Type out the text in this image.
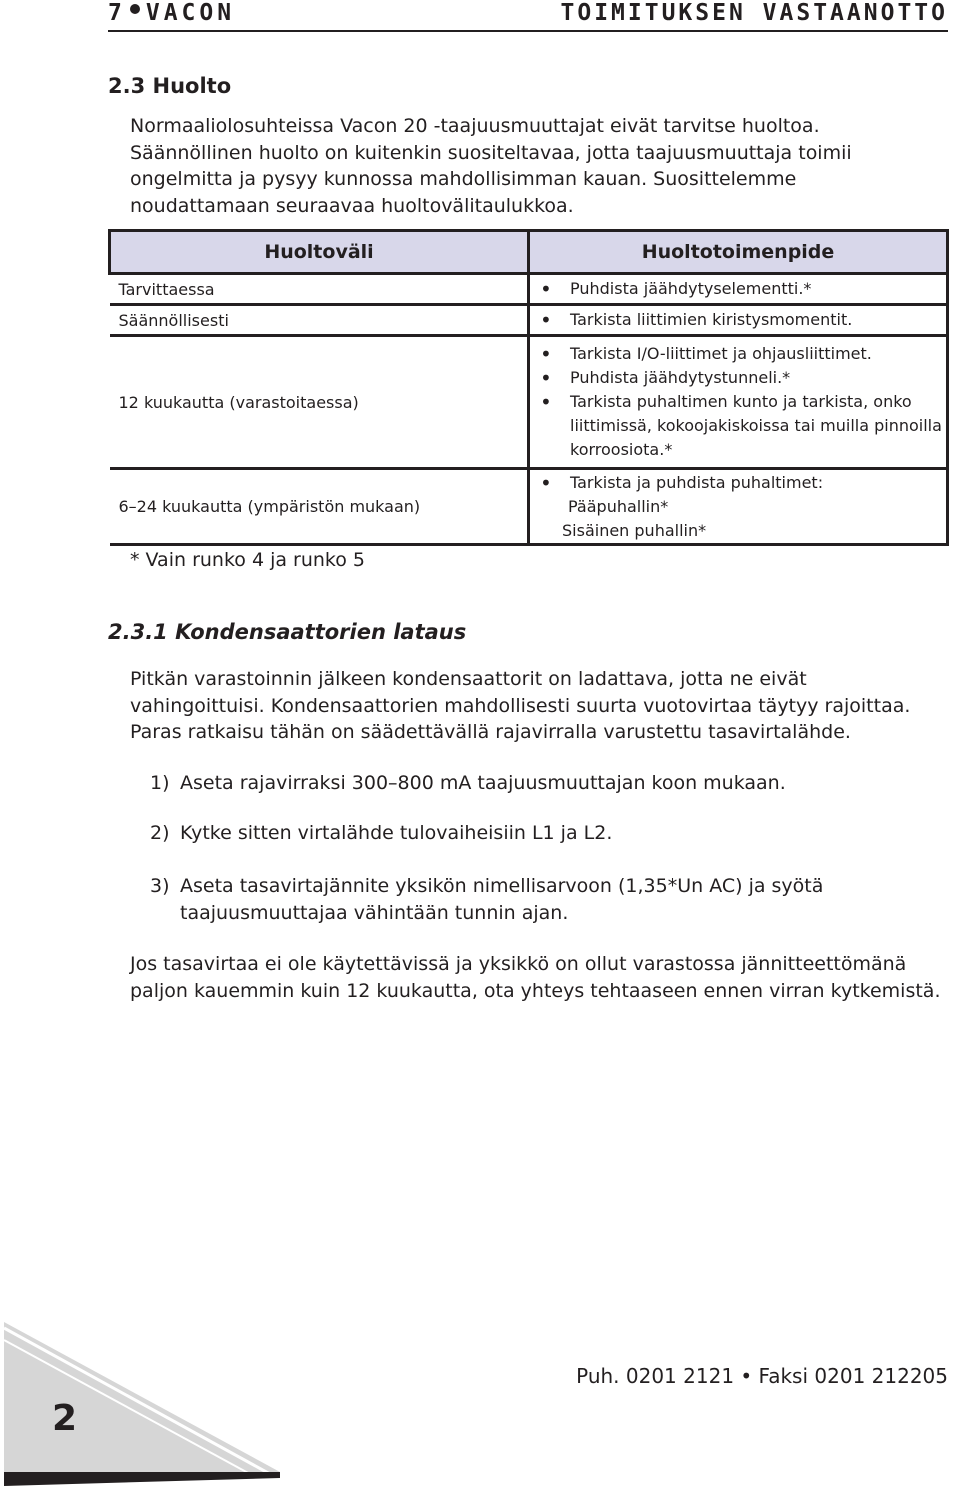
7 VACON	TOIMITUKSEN VASTAANOTTO
2.3 Huolto

Normaaliolosuhteissa Vacon 20 -taajuusmuuttajat eivät tarvitse huoltoa. Säännöllinen huolto on kuitenkin suositeltavaa, jotta taajuusmuuttaja toimii ongelmitta ja pysyy kunnossa mahdollisimman kauan. Suosittelemme noudattamaan seuraavaa huoltovälitaulukkoa.

Huoltoväli	Huoltotoimenpide
Tarvittaessa	• Puhdista jäähdytyselementti.*

Säännöllisesti	• Tarkista liittimien kiristysmomentit.

12 kuukautta (varastoitaessa)	• Tarkista I/O-liittimet ja ohjausliittimet.
• Puhdista jäähdytystunneli.*
• Tarkista puhaltimen kunto ja tarkista, onko liittimissä, kokoojakiskoissa tai muilla pinnoilla korroosiota.*

6–24 kuukautta (ympäristön mukaan)	• Tarkista ja puhdista puhaltimet:
Pääpuhallin*
Sisäinen puhallin*
* Vain runko 4 ja runko 5
2.3.1 Kondensaattorien lataus

Pitkän varastoinnin jälkeen kondensaattorit on ladattava, jotta ne eivät vahingoittuisi. Kondensaattorien mahdollisesti suurta vuotovirtaa täytyy rajoittaa. Paras ratkaisu tähän on säädettävällä rajavirralla varustettu tasavirtalähde.

1) Aseta rajavirraksi 300–800 mA taajuusmuuttajan koon mukaan.
2) Kytke sitten virtalähde tulovaiheisiin L1 ja L2.
3) Aseta tasavirtajännite yksikön nimellisarvoon (1,35*Un AC) ja syötä
taajuusmuuttajaa vähintään tunnin ajan.

Jos tasavirtaa ei ole käytettävissä ja yksikkö on ollut varastossa jännitteettömänä paljon kauemmin kuin 12 kuukautta, ota yhteys tehtaaseen ennen virran kytkemistä.

2
Puh. 0201 2121 • Faksi 0201 212205
